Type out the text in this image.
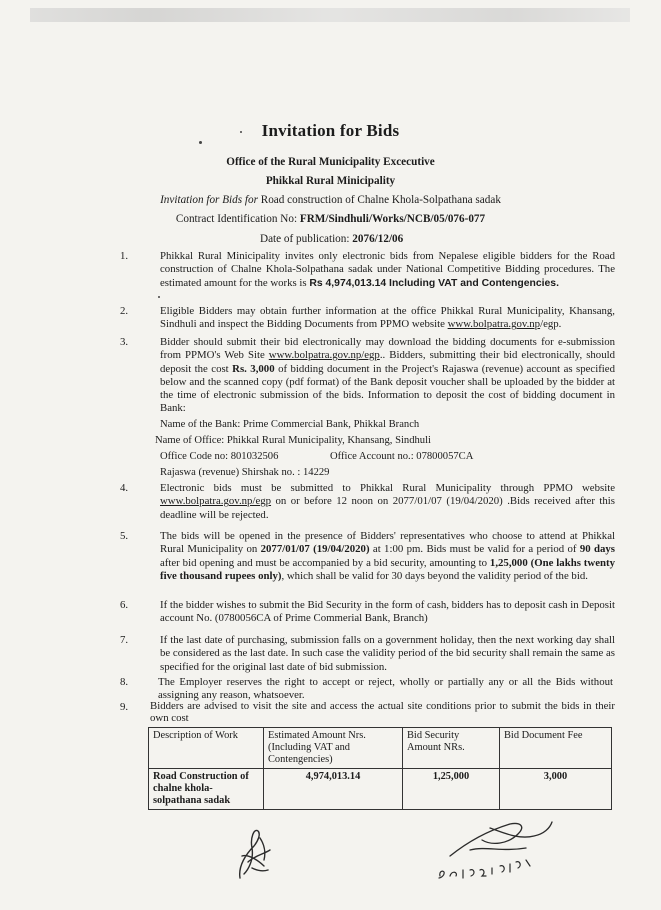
Invitation for Bids
Office of the Rural Municipality Excecutive
Phikkal Rural Minicipality
Invitation for Bids for Road construction of Chalne Khola-Solpathana sadak
Contract Identification No: FRM/Sindhuli/Works/NCB/05/076-077
Date of publication: 2076/12/06
1.	Phikkal Rural Minicipality invites only electronic bids from Nepalese eligible bidders for the Road construction of Chalne Khola-Solpathana sadak under National Competitive Bidding procedures. The estimated amount for the works is Rs 4,974,013.14 Including VAT and Contengencies.
2.	Eligible Bidders may obtain further information at the office Phikkal Rural Municipality, Khansang, Sindhuli and inspect the Bidding Documents from PPMO website www.bolpatra.gov.np/egp.
3.	Bidder should submit their bid electronically may download the bidding documents for e-submission from PPMO's Web Site www.bolpatra.gov.np/egp.. Bidders, submitting their bid electronically, should deposit the cost Rs. 3,000 of bidding document in the Project's Rajaswa (revenue) account as specified below and the scanned copy (pdf format) of the Bank deposit voucher shall be uploaded by the bidder at the time of electronic submission of the bids. Information to deposit the cost of bidding document in Bank:
Name of the Bank: Prime Commercial Bank, Phikkal Branch
Name of Office: Phikkal Rural Municipality, Khansang, Sindhuli
Office Code no: 801032506	Office Account no.: 07800057CA
Rajaswa (revenue) Shirshak no. : 14229
4.	Electronic bids must be submitted to Phikkal Rural Municipality through PPMO website www.bolpatra.gov.np/egp on or before 12 noon on 2077/01/07 (19/04/2020) .Bids received after this deadline will be rejected.
5.	The bids will be opened in the presence of Bidders' representatives who choose to attend at Phikkal Rural Municipality on 2077/01/07 (19/04/2020) at 1:00 pm. Bids must be valid for a period of 90 days after bid opening and must be accompanied by a bid security, amounting to 1,25,000 (One lakhs twenty five thousand rupees only), which shall be valid for 30 days beyond the validity period of the bid.
6.	If the bidder wishes to submit the Bid Security in the form of cash, bidders has to deposit cash in Deposit account No. (0780056CA of Prime Commerial Bank, Branch)
7.	If the last date of purchasing, submission falls on a government holiday, then the next working day shall be considered as the last date. In such case the validity period of the bid security shall remain the same as specified for the original last date of bid submission.
8.	The Employer reserves the right to accept or reject, wholly or partially any or all the Bids without assigning any reason, whatsoever.
9. Bidders are advised to visit the site and access the actual site conditions prior to submit the bids in their own cost
Description of Work	Estimated Amount Nrs. (Including VAT and Contengencies)	Bid Security Amount NRs.	Bid Document Fee
Road Construction of chalne khola-solpathana sadak	4,974,013.14	1,25,000	3,000
